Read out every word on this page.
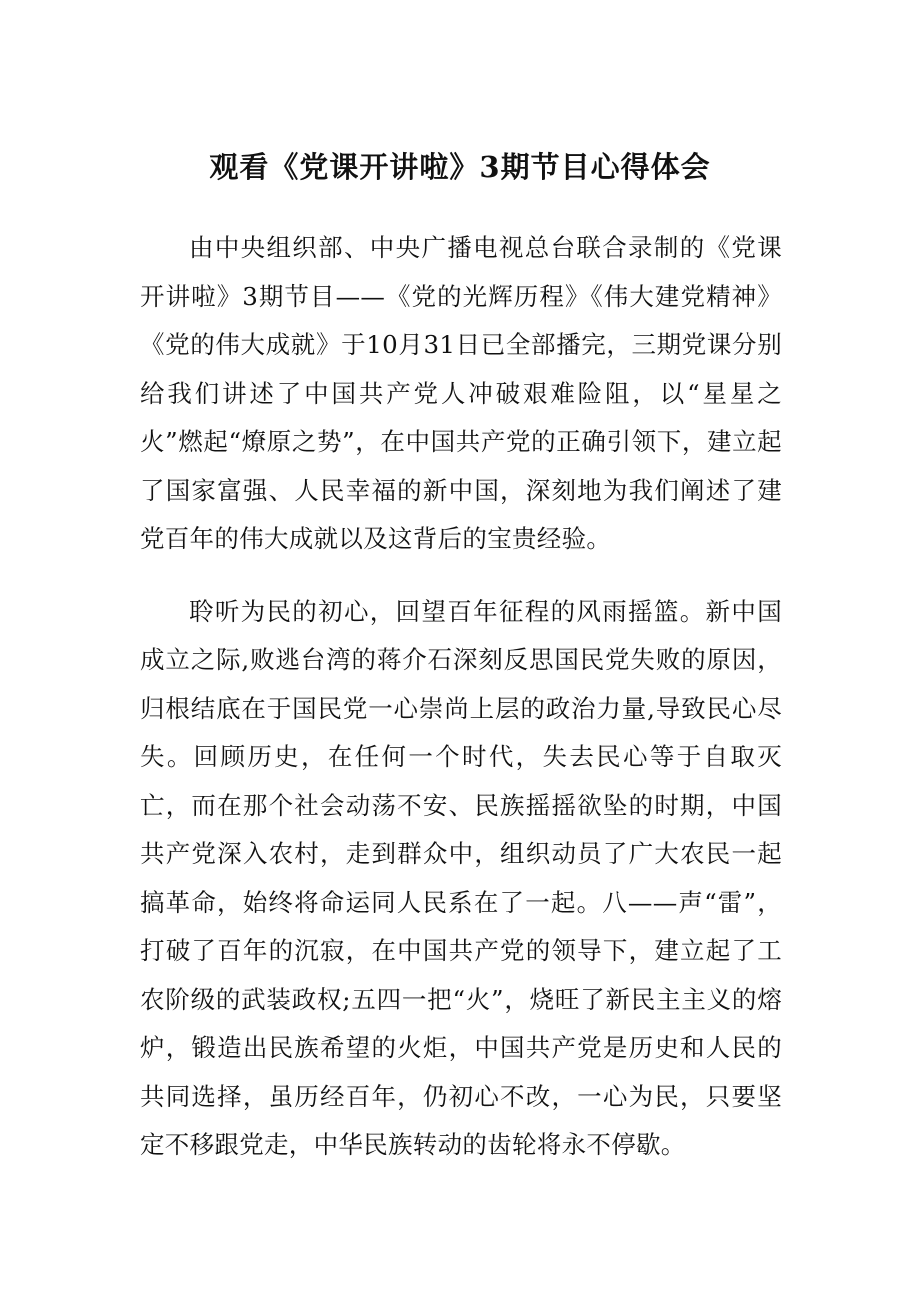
观看《党课开讲啦》3期节目心得体会

由中央组织部、中央广播电视总台联合录制的《党课开讲啦》3期节目——《党的光辉历程》《伟大建党精神》《党的伟大成就》于10月31日已全部播完，三期党课分别给我们讲述了中国共产党人冲破艰难险阻，以“星星之火”燃起“燎原之势”，在中国共产党的正确引领下，建立起了国家富强、人民幸福的新中国，深刻地为我们阐述了建党百年的伟大成就以及这背后的宝贵经验。

聆听为民的初心，回望百年征程的风雨摇篮。新中国成立之际,败逃台湾的蒋介石深刻反思国民党失败的原因，归根结底在于国民党一心崇尚上层的政治力量,导致民心尽失。回顾历史，在任何一个时代，失去民心等于自取灭亡，而在那个社会动荡不安、民族摇摇欲坠的时期，中国共产党深入农村，走到群众中，组织动员了广大农民一起搞革命，始终将命运同人民系在了一起。八——声“雷”，打破了百年的沉寂，在中国共产党的领导下，建立起了工农阶级的武装政权;五四一把“火”，烧旺了新民主主义的熔炉，锻造出民族希望的火炬，中国共产党是历史和人民的共同选择，虽历经百年，仍初心不改，一心为民，只要坚定不移跟党走，中华民族转动的齿轮将永不停歇。
